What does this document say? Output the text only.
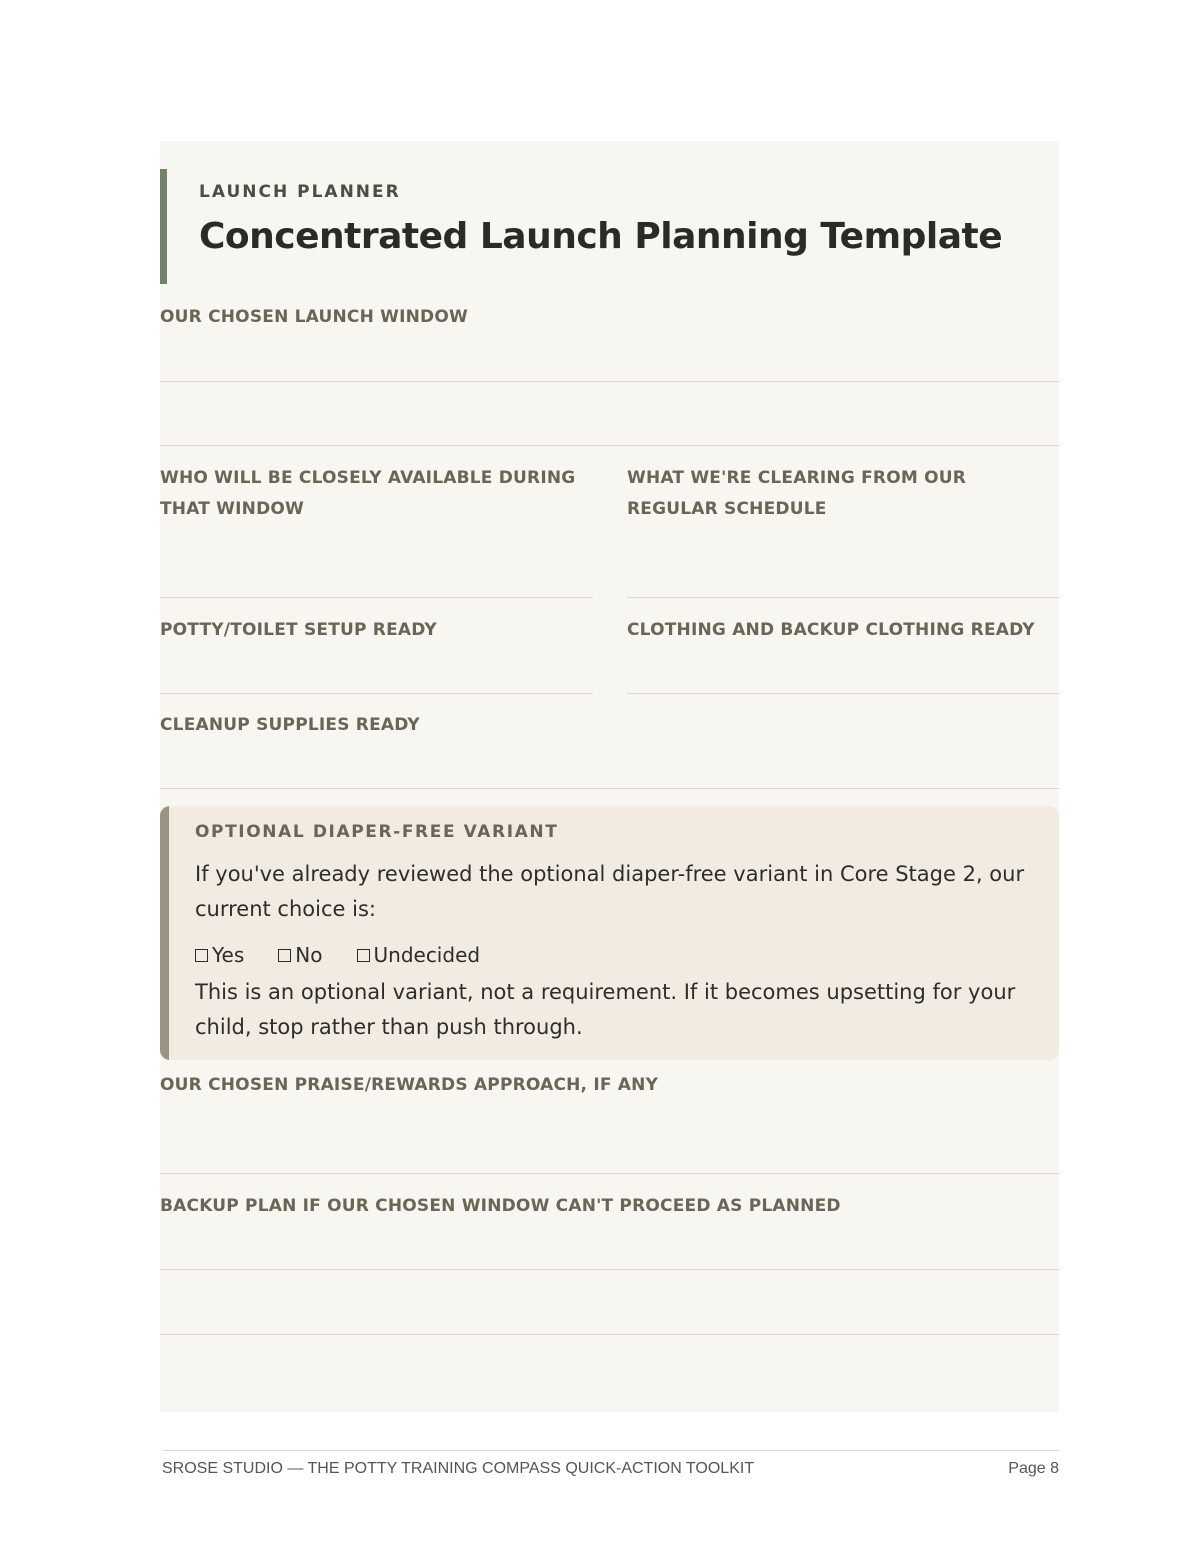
LAUNCH PLANNER
Concentrated Launch Planning Template
OUR CHOSEN LAUNCH WINDOW
WHO WILL BE CLOSELY AVAILABLE DURING THAT WINDOW
WHAT WE'RE CLEARING FROM OUR REGULAR SCHEDULE
POTTY/TOILET SETUP READY	CLOTHING AND BACKUP CLOTHING READY
CLEANUP SUPPLIES READY
OPTIONAL DIAPER-FREE VARIANT
If you've already reviewed the optional diaper-free variant in Core Stage 2, our current choice is:
Yes	No	Undecided
This is an optional variant, not a requirement. If it becomes upsetting for your child, stop rather than push through.
OUR CHOSEN PRAISE/REWARDS APPROACH, IF ANY
BACKUP PLAN IF OUR CHOSEN WINDOW CAN'T PROCEED AS PLANNED
SROSE STUDIO — THE POTTY TRAINING COMPASS QUICK-ACTION TOOLKIT	Page 8
